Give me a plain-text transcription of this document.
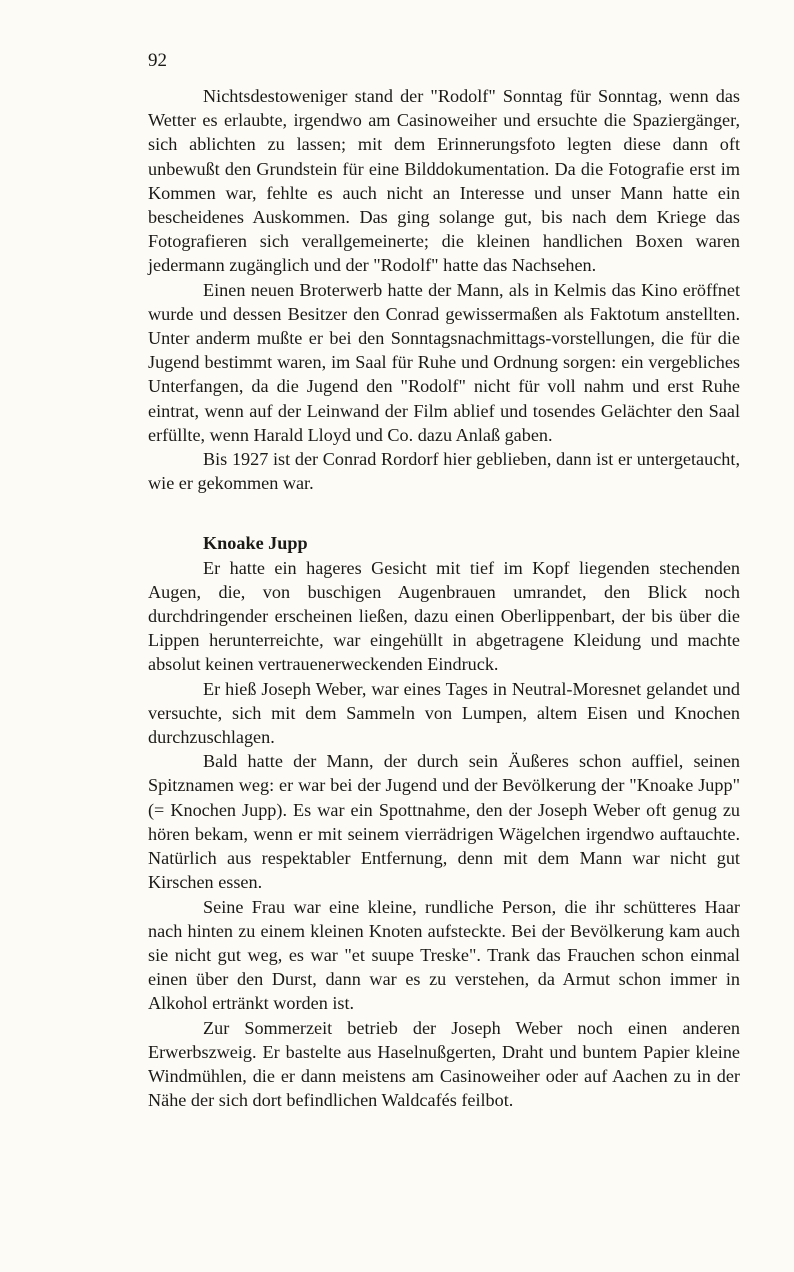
92

Nichtsdestoweniger stand der "Rodolf" Sonntag für Sonntag, wenn das Wetter es erlaubte, irgendwo am Casinoweiher und ersuchte die Spaziergänger, sich ablichten zu lassen; mit dem Erinnerungsfoto legten diese dann oft unbewußt den Grundstein für eine Bilddokumentation. Da die Fotografie erst im Kommen war, fehlte es auch nicht an Interesse und unser Mann hatte ein bescheidenes Auskommen. Das ging solange gut, bis nach dem Kriege das Fotografieren sich verallgemeinerte; die kleinen handlichen Boxen waren jedermann zugänglich und der "Rodolf" hatte das Nachsehen.

Einen neuen Broterwerb hatte der Mann, als in Kelmis das Kino eröffnet wurde und dessen Besitzer den Conrad gewissermaßen als Faktotum anstellten. Unter anderm mußte er bei den Sonntagsnachmittags-vorstellungen, die für die Jugend bestimmt waren, im Saal für Ruhe und Ordnung sorgen: ein vergebliches Unterfangen, da die Jugend den "Rodolf" nicht für voll nahm und erst Ruhe eintrat, wenn auf der Leinwand der Film ablief und tosendes Gelächter den Saal erfüllte, wenn Harald Lloyd und Co. dazu Anlaß gaben.

Bis 1927 ist der Conrad Rordorf hier geblieben, dann ist er untergetaucht, wie er gekommen war.

Knoake Jupp

Er hatte ein hageres Gesicht mit tief im Kopf liegenden stechenden Augen, die, von buschigen Augenbrauen umrandet, den Blick noch durchdringender erscheinen ließen, dazu einen Oberlippenbart, der bis über die Lippen herunterreichte, war eingehüllt in abgetragene Kleidung und machte absolut keinen vertrauenerweckenden Eindruck.

Er hieß Joseph Weber, war eines Tages in Neutral-Moresnet gelandet und versuchte, sich mit dem Sammeln von Lumpen, altem Eisen und Knochen durchzuschlagen.

Bald hatte der Mann, der durch sein Äußeres schon auffiel, seinen Spitznamen weg: er war bei der Jugend und der Bevölkerung der "Knoake Jupp" (= Knochen Jupp). Es war ein Spottnahme, den der Joseph Weber oft genug zu hören bekam, wenn er mit seinem vierrädrigen Wägelchen irgendwo auftauchte. Natürlich aus respektabler Entfernung, denn mit dem Mann war nicht gut Kirschen essen.

Seine Frau war eine kleine, rundliche Person, die ihr schütteres Haar nach hinten zu einem kleinen Knoten aufsteckte. Bei der Bevölkerung kam auch sie nicht gut weg, es war "et suupe Treske". Trank das Frauchen schon einmal einen über den Durst, dann war es zu verstehen, da Armut schon immer in Alkohol ertränkt worden ist.

Zur Sommerzeit betrieb der Joseph Weber noch einen anderen Erwerbszweig. Er bastelte aus Haselnußgerten, Draht und buntem Papier kleine Windmühlen, die er dann meistens am Casinoweiher oder auf Aachen zu in der Nähe der sich dort befindlichen Waldcafés feilbot.
